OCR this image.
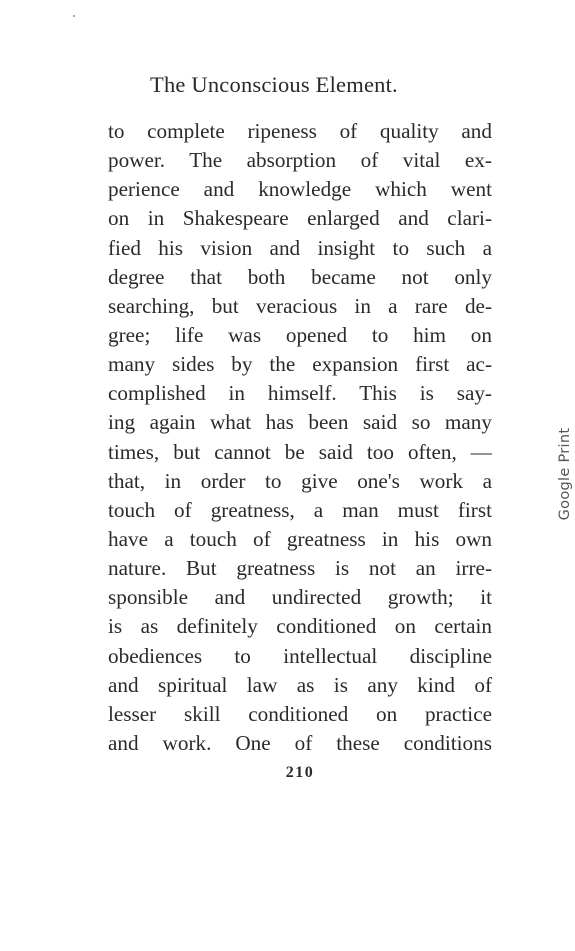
The Unconscious Element.
to complete ripeness of quality and
power. The absorption of vital ex-
perience and knowledge which went
on in Shakespeare enlarged and clari-
fied his vision and insight to such a
degree that both became not only
searching, but veracious in a rare de-
gree; life was opened to him on
many sides by the expansion first ac-
complished in himself. This is say-
ing again what has been said so many
times, but cannot be said too often, —
that, in order to give one's work a
touch of greatness, a man must first
have a touch of greatness in his own
nature. But greatness is not an irre-
sponsible and undirected growth; it
is as definitely conditioned on certain
obediences to intellectual discipline
and spiritual law as is any kind of
lesser skill conditioned on practice
and work. One of these conditions
210
Google Print
